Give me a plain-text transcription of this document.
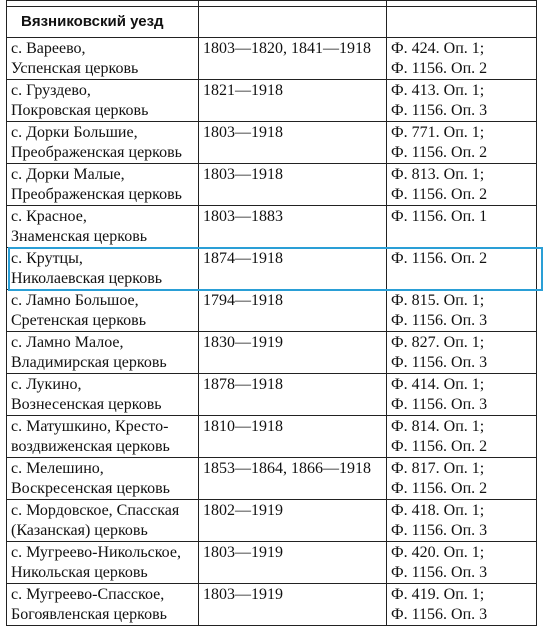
Вязниковский уезд		

с. Вареево,
Успенская церковь	1803—1820, 1841—1918	Ф. 424. Оп. 1;
Ф. 1156. Оп. 2

с. Груздево,
Покровская церковь	1821—1918	Ф. 413. Оп. 1;
Ф. 1156. Оп. 3

с. Дорки Большие,
Преображенская церковь	1803—1918	Ф. 771. Оп. 1;
Ф. 1156. Оп. 2

с. Дорки Малые,
Преображенская церковь	1803—1918	Ф. 813. Оп. 1;
Ф. 1156. Оп. 2

с. Красное,
Знаменская церковь	1803—1883	Ф. 1156. Оп. 1

с. Крутцы,
Николаевская церковь	1874—1918	Ф. 1156. Оп. 2

с. Ламно Большое,
Сретенская церковь	1794—1918	Ф. 815. Оп. 1;
Ф. 1156. Оп. 3

с. Ламно Малое,
Владимирская церковь	1830—1919	Ф. 827. Оп. 1;
Ф. 1156. Оп. 3

с. Лукино,
Вознесенская церковь	1878—1918	Ф. 414. Оп. 1;
Ф. 1156. Оп. 3

с. Матушкино, Кресто-
воздвиженская церковь	1810—1918	Ф. 814. Оп. 1;
Ф. 1156. Оп. 2

с. Мелешино,
Воскресенская церковь	1853—1864, 1866—1918	Ф. 817. Оп. 1;
Ф. 1156. Оп. 2

с. Мордовское, Спасская
(Казанская) церковь	1802—1919	Ф. 418. Оп. 1;
Ф. 1156. Оп. 3

с. Мугреево-Никольское,
Никольская церковь	1803—1919	Ф. 420. Оп. 1;
Ф. 1156. Оп. 3

с. Мугреево-Спасское,
Богоявленская церковь	1803—1919	Ф. 419. Оп. 1;
Ф. 1156. Оп. 3
